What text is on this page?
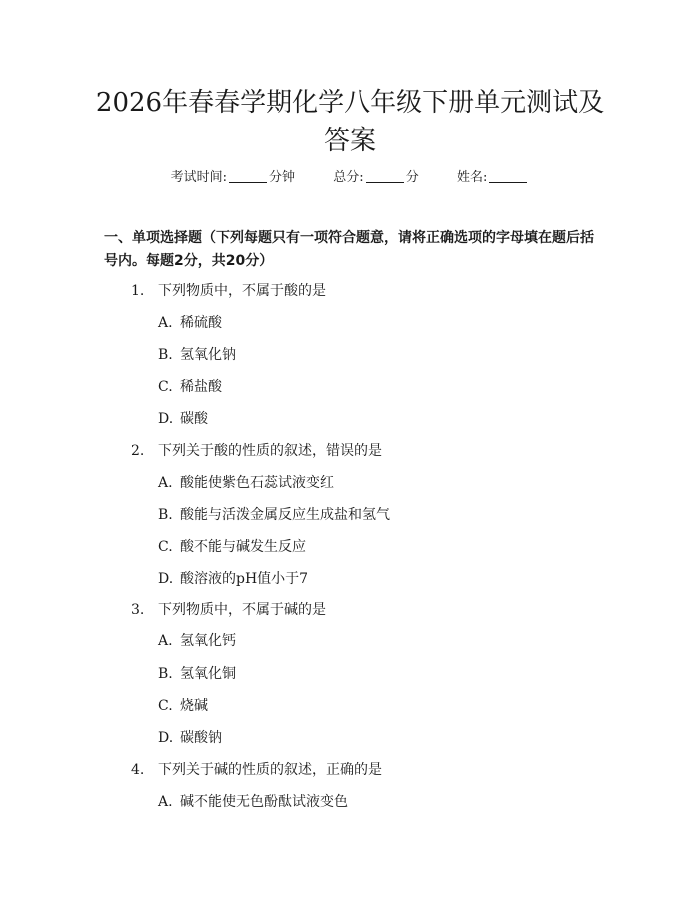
2026年春春学期化学八年级下册单元测试及
答案
考试时间:	分钟	总分:	分	姓名:
一、单项选择题（下列每题只有一项符合题意，请将正确选项的字母填在题后括号内。每题2分，共20分）
1. 下列物质中，不属于酸的是
A. 稀硫酸
B. 氢氧化钠
C. 稀盐酸
D. 碳酸
2. 下列关于酸的性质的叙述，错误的是
A. 酸能使紫色石蕊试液变红
B. 酸能与活泼金属反应生成盐和氢气
C. 酸不能与碱发生反应
D. 酸溶液的pH值小于7
3. 下列物质中，不属于碱的是
A. 氢氧化钙
B. 氢氧化铜
C. 烧碱
D. 碳酸钠
4. 下列关于碱的性质的叙述，正确的是
A. 碱不能使无色酚酞试液变色
